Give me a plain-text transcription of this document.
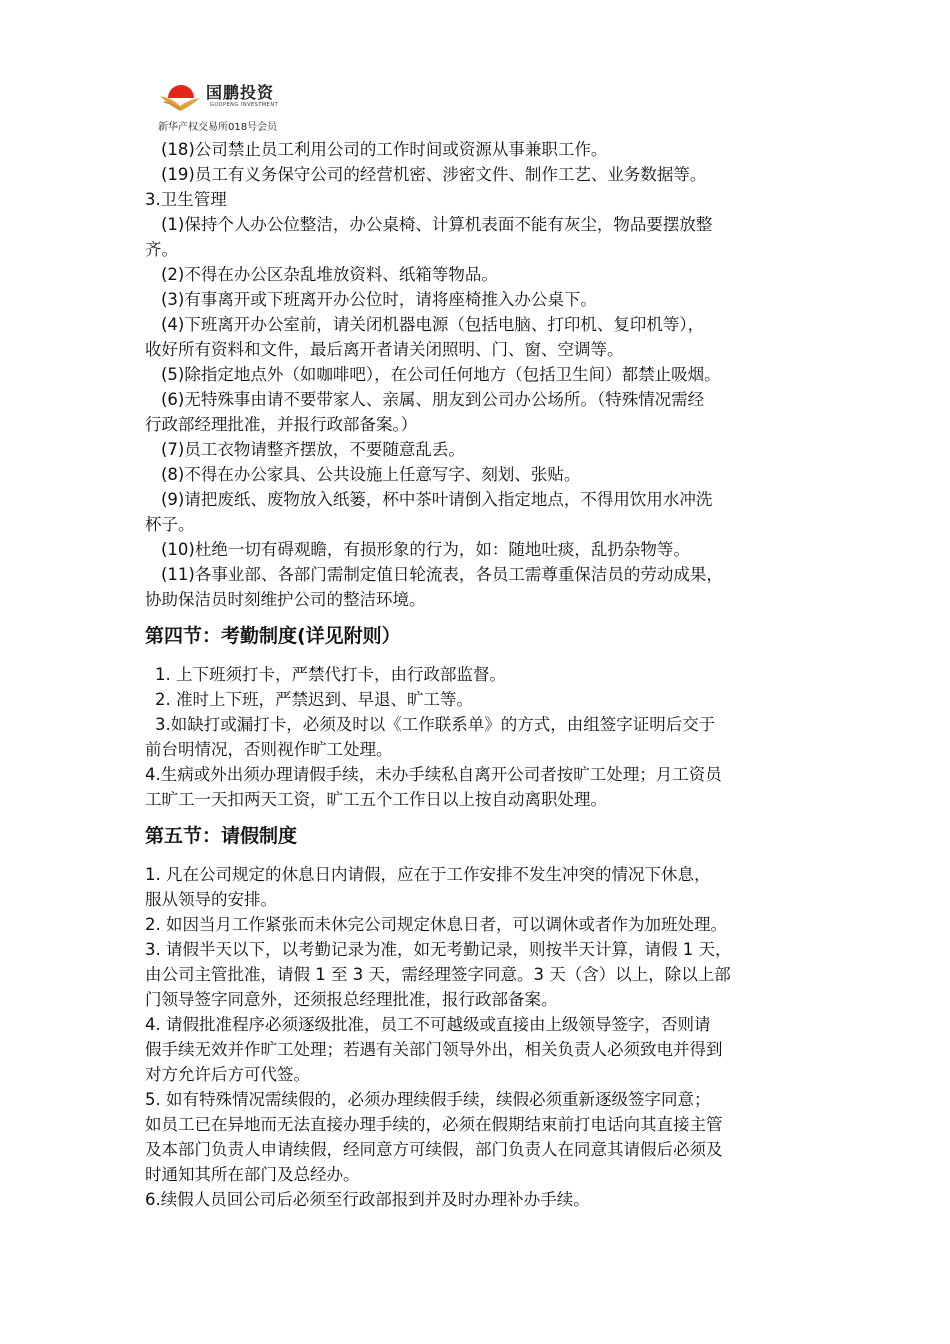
国鹏投资
GUOPENG INVESTMENT
新华产权交易所018号会员
(18)公司禁止员工利用公司的工作时间或资源从事兼职工作。
(19)员工有义务保守公司的经营机密、涉密文件、制作工艺、业务数据等。
3.卫生管理
(1)保持个人办公位整洁，办公桌椅、计算机表面不能有灰尘，物品要摆放整
齐。
(2)不得在办公区杂乱堆放资料、纸箱等物品。
(3)有事离开或下班离开办公位时，请将座椅推入办公桌下。
(4)下班离开办公室前，请关闭机器电源（包括电脑、打印机、复印机等），
收好所有资料和文件，最后离开者请关闭照明、门、窗、空调等。
(5)除指定地点外（如咖啡吧），在公司任何地方（包括卫生间）都禁止吸烟。
(6)无特殊事由请不要带家人、亲属、朋友到公司办公场所。（特殊情况需经
行政部经理批准，并报行政部备案。）
(7)员工衣物请整齐摆放，不要随意乱丢。
(8)不得在办公家具、公共设施上任意写字、刻划、张贴。
(9)请把废纸、废物放入纸篓，杯中茶叶请倒入指定地点，不得用饮用水冲洗
杯子。
(10)杜绝一切有碍观瞻，有损形象的行为，如：随地吐痰，乱扔杂物等。
(11)各事业部、各部门需制定值日轮流表，各员工需尊重保洁员的劳动成果，
协助保洁员时刻维护公司的整洁环境。
第四节：考勤制度(详见附则）
1. 上下班须打卡，严禁代打卡，由行政部监督。
2. 准时上下班，严禁迟到、早退、旷工等。
3.如缺打或漏打卡，必须及时以《工作联系单》的方式，由组签字证明后交于
前台明情况，否则视作旷工处理。
4.生病或外出须办理请假手续，未办手续私自离开公司者按旷工处理；月工资员
工旷工一天扣两天工资，旷工五个工作日以上按自动离职处理。
第五节：请假制度
1. 凡在公司规定的休息日内请假，应在于工作安排不发生冲突的情况下休息，
服从领导的安排。
2. 如因当月工作紧张而未休完公司规定休息日者，可以调休或者作为加班处理。
3. 请假半天以下，以考勤记录为准，如无考勤记录，则按半天计算，请假 1 天，
由公司主管批准，请假 1 至 3 天，需经理签字同意。3 天（含）以上，除以上部
门领导签字同意外，还须报总经理批准，报行政部备案。
4. 请假批准程序必须逐级批准，员工不可越级或直接由上级领导签字，否则请
假手续无效并作旷工处理；若遇有关部门领导外出，相关负责人必须致电并得到
对方允许后方可代签。
5. 如有特殊情况需续假的，必须办理续假手续，续假必须重新逐级签字同意；
如员工已在异地而无法直接办理手续的，必须在假期结束前打电话向其直接主管
及本部门负责人申请续假，经同意方可续假，部门负责人在同意其请假后必须及
时通知其所在部门及总经办。
6.续假人员回公司后必须至行政部报到并及时办理补办手续。
